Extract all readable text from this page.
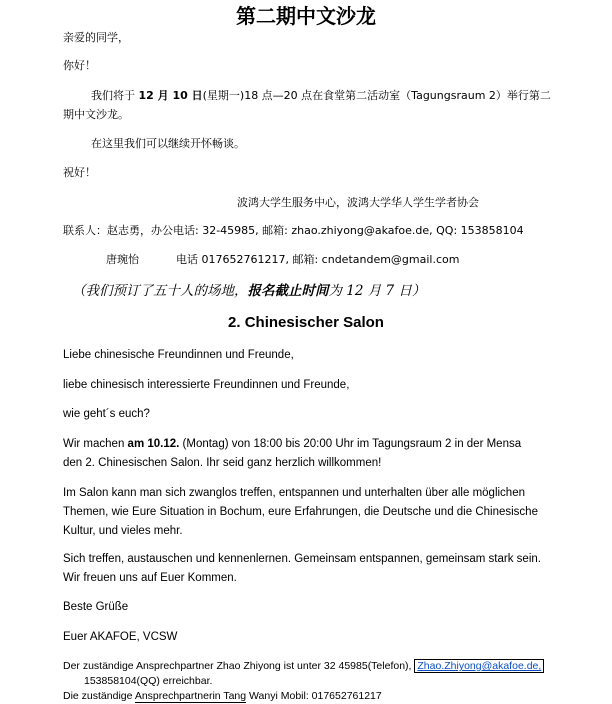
第二期中文沙龙
亲爱的同学，
你好！
我们将于 12 月 10 日(星期一)18 点—20 点在食堂第二活动室（Tagungsraum 2）举行第二
期中文沙龙。
在这里我们可以继续开怀畅谈。
祝好！
波鸿大学生服务中心，波鸿大学华人学生学者协会
联系人：赵志勇，办公电话: 32-45985, 邮箱: zhao.zhiyong@akafoe.de, QQ: 153858104
唐琬怡	电话 017652761217, 邮箱: cndetandem@gmail.com
（我们预订了五十人的场地，报名截止时间为 12 月 7 日）
2. Chinesischer Salon
Liebe chinesische Freundinnen und Freunde,
liebe chinesisch interessierte Freundinnen und Freunde,
wie geht´s euch?
Wir machen am 10.12. (Montag) von 18:00 bis 20:00 Uhr im Tagungsraum 2 in der Mensa
den 2. Chinesischen Salon. Ihr seid ganz herzlich willkommen!
Im Salon kann man sich zwanglos treffen, entspannen und unterhalten über alle möglichen
Themen, wie Eure Situation in Bochum, eure Erfahrungen, die Deutsche und die Chinesische
Kultur, und vieles mehr.
Sich treffen, austauschen und kennenlernen. Gemeinsam entspannen, gemeinsam stark sein.
Wir freuen uns auf Euer Kommen.
Beste Grüße
Euer AKAFOE, VCSW
Der zuständige Ansprechpartner Zhao Zhiyong ist unter 32 45985(Telefon), Zhao.Zhiyong@akafoe.de,
153858104(QQ) erreichbar.
Die zuständige Ansprechpartnerin Tang Wanyi Mobil: 017652761217
